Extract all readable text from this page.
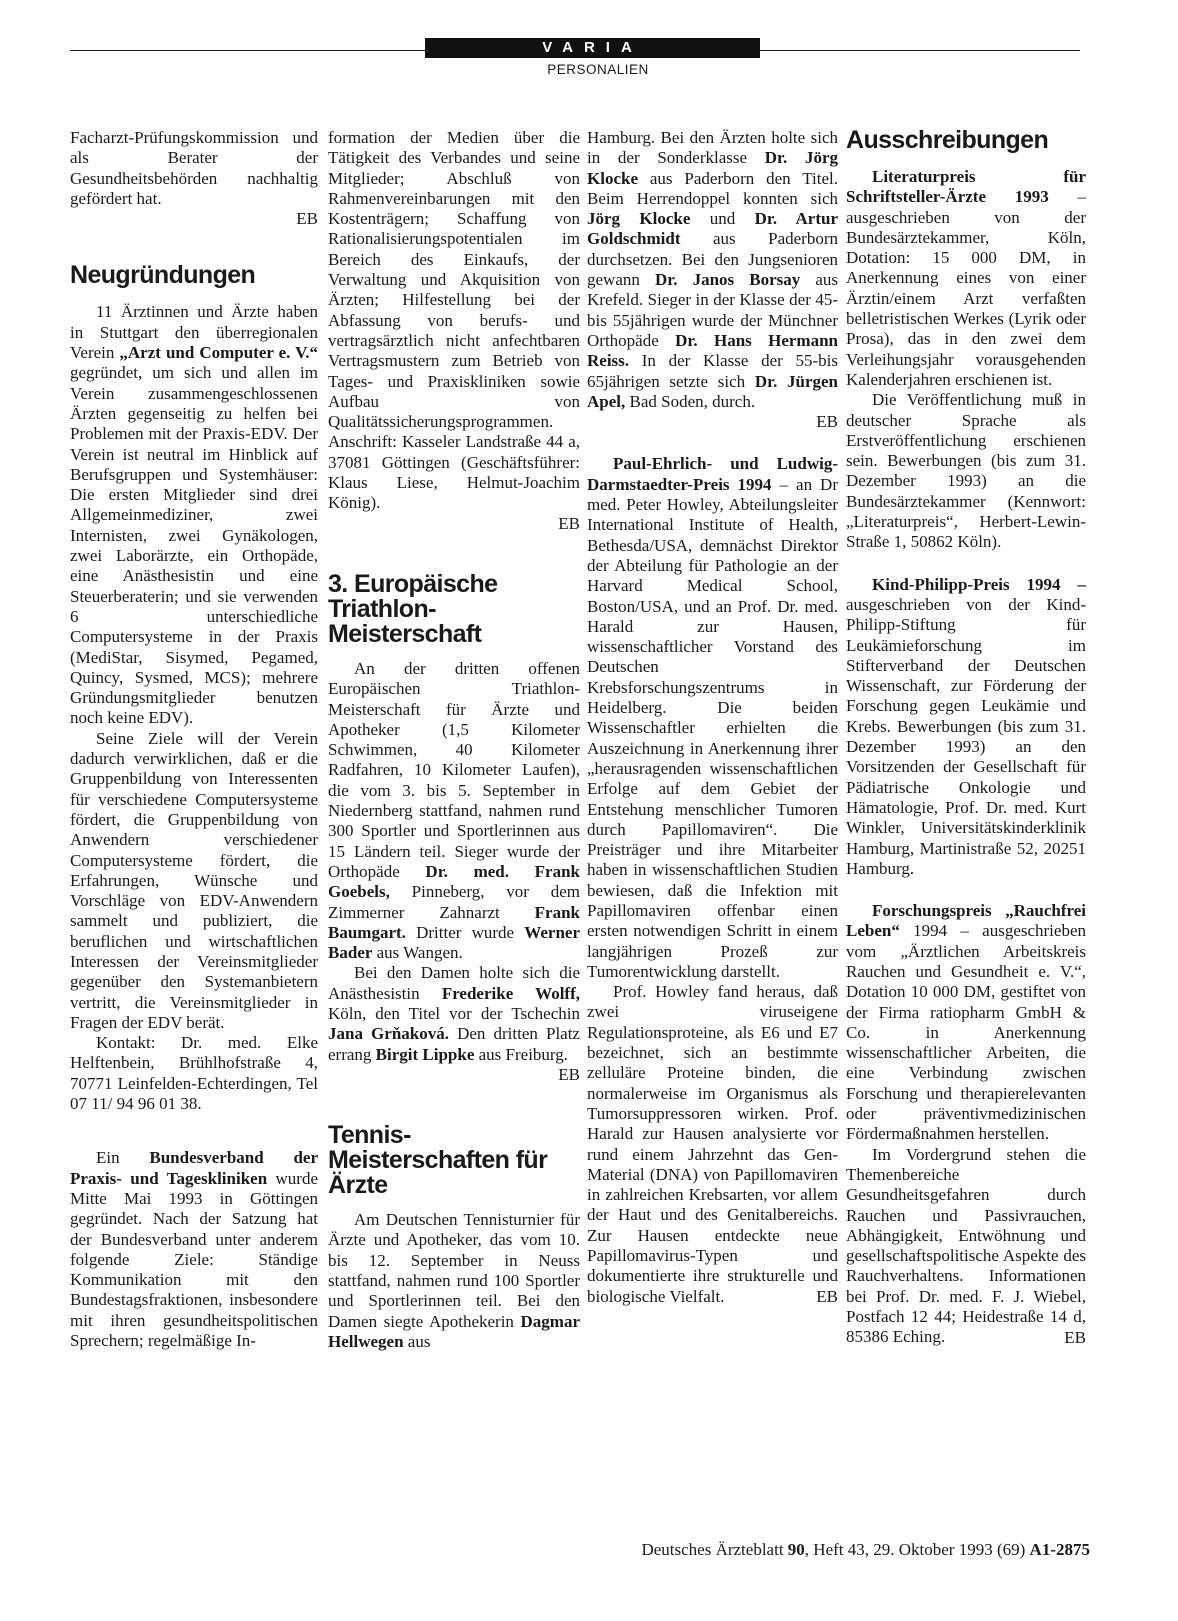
VARIA
PERSONALIEN

Facharzt-Prüfungskommission und als Berater der Gesundheitsbehörden nachhaltig gefördert hat.

EB

Neugründungen

11 Ärztinnen und Ärzte haben in Stuttgart den überregionalen Verein „Arzt und Computer e. V.“ gegründet, um sich und allen im Verein zusammengeschlossenen Ärzten gegenseitig zu helfen bei Problemen mit der Praxis-EDV. Der Verein ist neutral im Hinblick auf Berufsgruppen und Systemhäuser: Die ersten Mitglieder sind drei Allgemeinmediziner, zwei Internisten, zwei Gynäkologen, zwei Laborärzte, ein Orthopäde, eine Anästhesistin und eine Steuerberaterin; und sie verwenden 6 unterschiedliche Computersysteme in der Praxis (MediStar, Sisymed, Pegamed, Quincy, Sysmed, MCS); mehrere Gründungsmitglieder benutzen noch keine EDV).

Seine Ziele will der Verein dadurch verwirklichen, daß er die Gruppenbildung von Interessenten für verschiedene Computersysteme fördert, die Gruppenbildung von Anwendern verschiedener Computersysteme fördert, die Erfahrungen, Wünsche und Vorschläge von EDV-Anwendern sammelt und publiziert, die beruflichen und wirtschaftlichen Interessen der Vereinsmitglieder gegenüber den Systemanbietern vertritt, die Vereinsmitglieder in Fragen der EDV berät.

Kontakt: Dr. med. Elke Helftenbein, Brühlhofstraße 4, 70771 Leinfelden-Echterdingen, Tel 07 11/ 94 96 01 38.

Ein Bundesverband der Praxis- und Tageskliniken wurde Mitte Mai 1993 in Göttingen gegründet. Nach der Satzung hat der Bundesverband unter anderem folgende Ziele: Ständige Kommunikation mit den Bundestagsfraktionen, insbesondere mit ihren gesundheitspolitischen Sprechern; regelmäßige In-

formation der Medien über die Tätigkeit des Verbandes und seine Mitglieder; Abschluß von Rahmenvereinbarungen mit den Kostenträgern; Schaffung von Rationalisierungspotentialen im Bereich des Einkaufs, der Verwaltung und Akquisition von Ärzten; Hilfestellung bei der Abfassung von berufs- und vertragsärztlich nicht anfechtbaren Vertragsmustern zum Betrieb von Tages- und Praxiskliniken sowie Aufbau von Qualitätssicherungsprogrammen. Anschrift: Kasseler Landstraße 44 a, 37081 Göttingen (Geschäftsführer: Klaus Liese, Helmut-Joachim König).

EB

3. Europäische Triathlon-Meisterschaft

An der dritten offenen Europäischen Triathlon-Meisterschaft für Ärzte und Apotheker (1,5 Kilometer Schwimmen, 40 Kilometer Radfahren, 10 Kilometer Laufen), die vom 3. bis 5. September in Niedernberg stattfand, nahmen rund 300 Sportler und Sportlerinnen aus 15 Ländern teil. Sieger wurde der Orthopäde Dr. med. Frank Goebels, Pinneberg, vor dem Zimmerner Zahnarzt Frank Baumgart. Dritter wurde Werner Bader aus Wangen.

Bei den Damen holte sich die Anästhesistin Frederike Wolff, Köln, den Titel vor der Tschechin Jana Grňaková. Den dritten Platz errang Birgit Lippke aus Freiburg.

EB

Tennis-Meisterschaften für Ärzte

Am Deutschen Tennisturnier für Ärzte und Apotheker, das vom 10. bis 12. September in Neuss stattfand, nahmen rund 100 Sportler und Sportlerinnen teil. Bei den Damen siegte Apothekerin Dagmar Hellwegen aus

Hamburg. Bei den Ärzten holte sich in der Sonderklasse Dr. Jörg Klocke aus Paderborn den Titel. Beim Herrendoppel konnten sich Jörg Klocke und Dr. Artur Goldschmidt aus Paderborn durchsetzen. Bei den Jungsenioren gewann Dr. Janos Borsay aus Krefeld. Sieger in der Klasse der 45- bis 55jährigen wurde der Münchner Orthopäde Dr. Hans Hermann Reiss. In der Klasse der 55-bis 65jährigen setzte sich Dr. Jürgen Apel, Bad Soden, durch.

EB

Paul-Ehrlich- und Ludwig-Darmstaedter-Preis 1994 – an Dr med. Peter Howley, Abteilungsleiter International Institute of Health, Bethesda/USA, demnächst Direktor der Abteilung für Pathologie an der Harvard Medical School, Boston/USA, und an Prof. Dr. med. Harald zur Hausen, wissenschaftlicher Vorstand des Deutschen Krebsforschungszentrums in Heidelberg. Die beiden Wissenschaftler erhielten die Auszeichnung in Anerkennung ihrer „herausragenden wissenschaftlichen Erfolge auf dem Gebiet der Entstehung menschlicher Tumoren durch Papillomaviren“. Die Preisträger und ihre Mitarbeiter haben in wissenschaftlichen Studien bewiesen, daß die Infektion mit Papillomaviren offenbar einen ersten notwendigen Schritt in einem langjährigen Prozeß zur Tumorentwicklung darstellt.

Prof. Howley fand heraus, daß zwei viruseigene Regulationsproteine, als E6 und E7 bezeichnet, sich an bestimmte zelluläre Proteine binden, die normalerweise im Organismus als Tumorsuppressoren wirken. Prof. Harald zur Hausen analysierte vor rund einem Jahrzehnt das Gen-Material (DNA) von Papillomaviren in zahlreichen Krebsarten, vor allem der Haut und des Genitalbereichs. Zur Hausen entdeckte neue Papillomavirus-Typen und dokumentierte ihre strukturelle und biologische Vielfalt.	EB

Ausschreibungen

Literaturpreis für Schriftsteller-Ärzte 1993 – ausgeschrieben von der Bundesärztekammer, Köln, Dotation: 15 000 DM, in Anerkennung eines von einer Ärztin/einem Arzt verfaßten belletristischen Werkes (Lyrik oder Prosa), das in den zwei dem Verleihungsjahr vorausgehenden Kalenderjahren erschienen ist.

Die Veröffentlichung muß in deutscher Sprache als Erstveröffentlichung erschienen sein. Bewerbungen (bis zum 31. Dezember 1993) an die Bundesärztekammer (Kennwort: „Literaturpreis“, Herbert-Lewin-Straße 1, 50862 Köln).

Kind-Philipp-Preis 1994 – ausgeschrieben von der Kind-Philipp-Stiftung für Leukämieforschung im Stifterverband der Deutschen Wissenschaft, zur Förderung der Forschung gegen Leukämie und Krebs. Bewerbungen (bis zum 31. Dezember 1993) an den Vorsitzenden der Gesellschaft für Pädiatrische Onkologie und Hämatologie, Prof. Dr. med. Kurt Winkler, Universitätskinderklinik Hamburg, Martinistraße 52, 20251 Hamburg.

Forschungspreis „Rauchfrei Leben“ 1994 – ausgeschrieben vom „Ärztlichen Arbeitskreis Rauchen und Gesundheit e. V.“, Dotation 10 000 DM, gestiftet von der Firma ratiopharm GmbH & Co. in Anerkennung wissenschaftlicher Arbeiten, die eine Verbindung zwischen Forschung und therapierelevanten oder präventivmedizinischen Fördermaßnahmen herstellen.

Im Vordergrund stehen die Themenbereiche Gesundheitsgefahren durch Rauchen und Passivrauchen, Abhängigkeit, Entwöhnung und gesellschaftspolitische Aspekte des Rauchverhaltens. Informationen bei Prof. Dr. med. F. J. Wiebel, Postfach 12 44; Heidestraße 14 d, 85386 Eching.	EB

Deutsches Ärzteblatt 90, Heft 43, 29. Oktober 1993 (69) A1-2875
